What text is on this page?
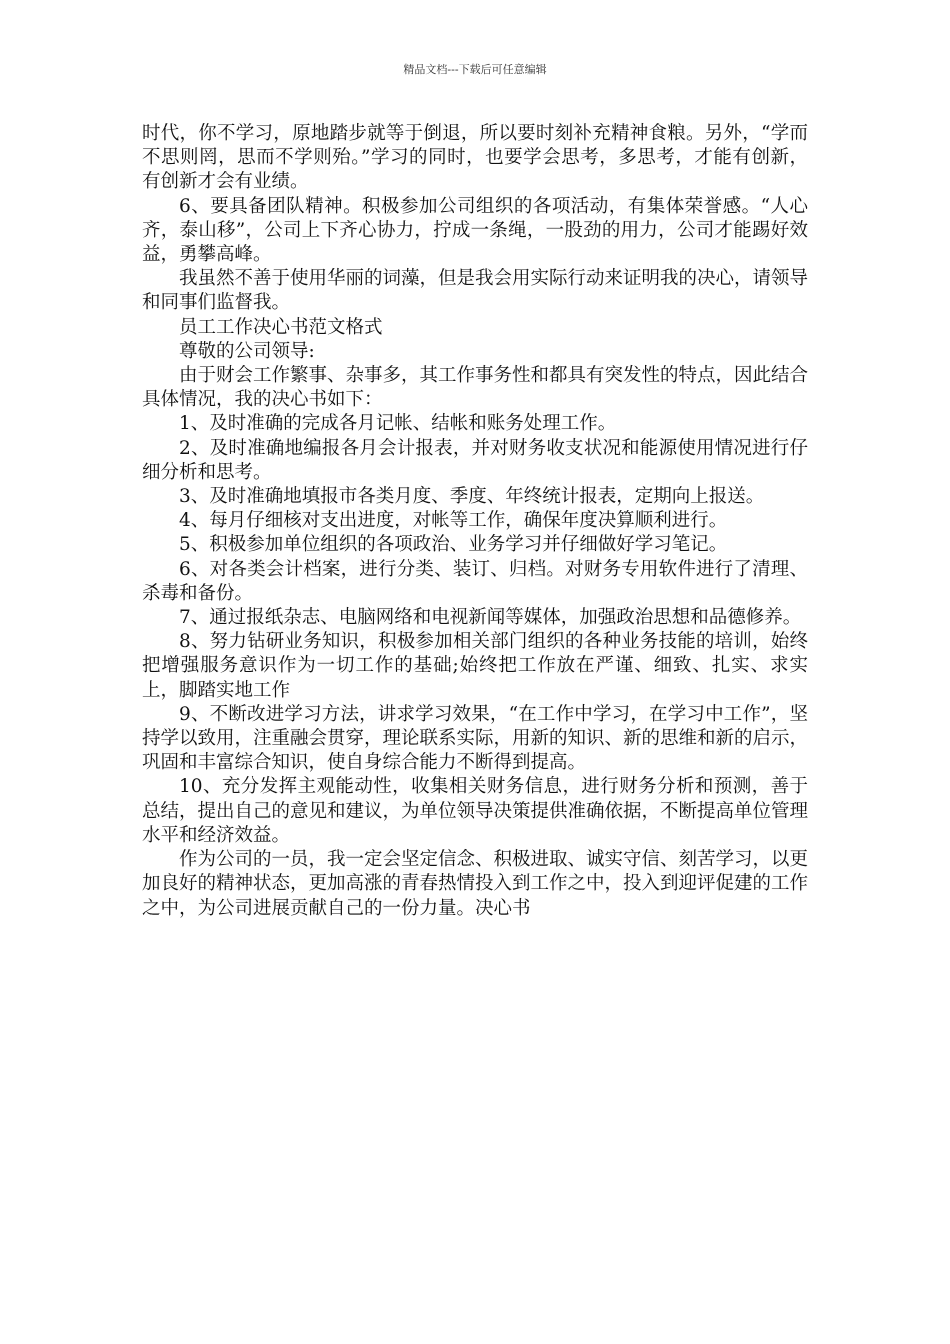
精品文档---下载后可任意编辑

时代，你不学习，原地踏步就等于倒退，所以要时刻补充精神食粮。另外，“学而不思则罔，思而不学则殆。”学习的同时，也要学会思考，多思考，才能有创新，有创新才会有业绩。

6、要具备团队精神。积极参加公司组织的各项活动，有集体荣誉感。“人心齐，泰山移”，公司上下齐心协力，拧成一条绳，一股劲的用力，公司才能踢好效益，勇攀高峰。

我虽然不善于使用华丽的词藻，但是我会用实际行动来证明我的决心，请领导和同事们监督我。

员工工作决心书范文格式

尊敬的公司领导:

由于财会工作繁事、杂事多，其工作事务性和都具有突发性的特点，因此结合具体情况，我的决心书如下：

1、及时准确的完成各月记帐、结帐和账务处理工作。

2、及时准确地编报各月会计报表，并对财务收支状况和能源使用情况进行仔细分析和思考。

3、及时准确地填报市各类月度、季度、年终统计报表，定期向上报送。

4、每月仔细核对支出进度，对帐等工作，确保年度决算顺利进行。

5、积极参加单位组织的各项政治、业务学习并仔细做好学习笔记。

6、对各类会计档案，进行分类、装订、归档。对财务专用软件进行了清理、杀毒和备份。

7、通过报纸杂志、电脑网络和电视新闻等媒体，加强政治思想和品德修养。

8、努力钻研业务知识，积极参加相关部门组织的各种业务技能的培训，始终把增强服务意识作为一切工作的基础;始终把工作放在严谨、细致、扎实、求实上，脚踏实地工作

9、不断改进学习方法，讲求学习效果，“在工作中学习，在学习中工作”，坚持学以致用，注重融会贯穿，理论联系实际，用新的知识、新的思维和新的启示，巩固和丰富综合知识，使自身综合能力不断得到提高。

10、充分发挥主观能动性，收集相关财务信息，进行财务分析和预测，善于总结，提出自己的意见和建议，为单位领导决策提供准确依据，不断提高单位管理水平和经济效益。

作为公司的一员，我一定会坚定信念、积极进取、诚实守信、刻苦学习，以更加良好的精神状态，更加高涨的青春热情投入到工作之中，投入到迎评促建的工作之中，为公司进展贡献自己的一份力量。决心书
